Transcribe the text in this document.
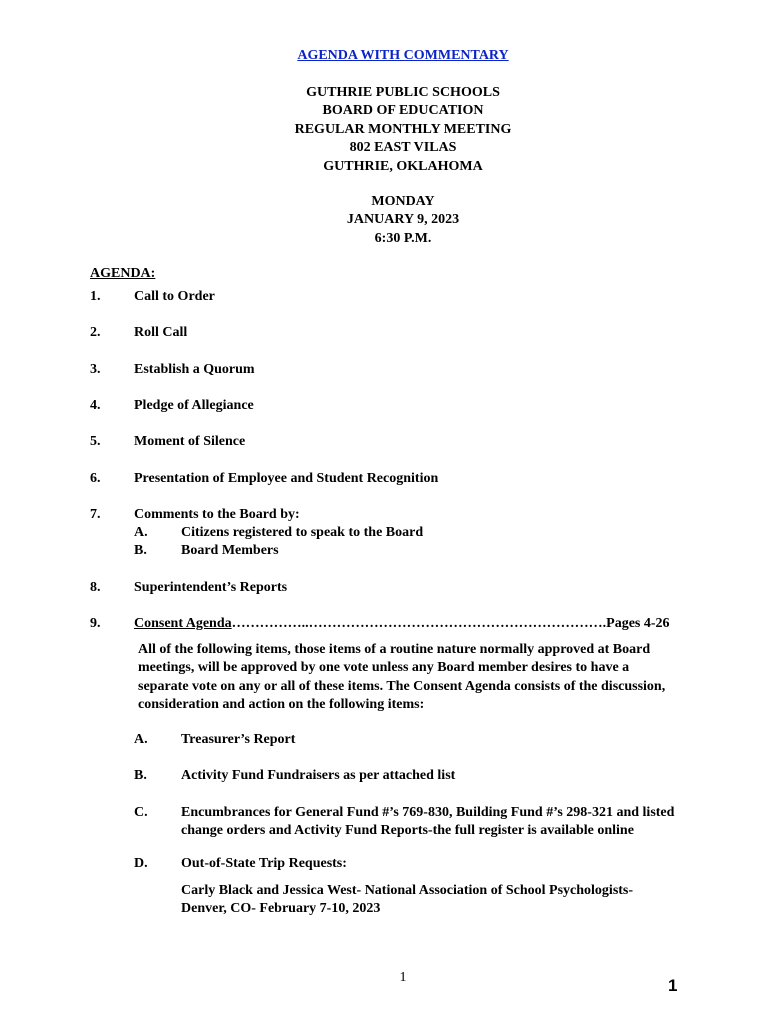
AGENDA WITH COMMENTARY
GUTHRIE PUBLIC SCHOOLS
BOARD OF EDUCATION
REGULAR MONTHLY MEETING
802 EAST VILAS
GUTHRIE, OKLAHOMA
MONDAY
JANUARY 9, 2023
6:30 P.M.
AGENDA:
1. Call to Order
2. Roll Call
3. Establish a Quorum
4. Pledge of Allegiance
5. Moment of Silence
6. Presentation of Employee and Student Recognition
7. Comments to the Board by:
A. Citizens registered to speak to the Board
B. Board Members
8. Superintendent’s Reports
9. Consent Agenda……………..……………………………………………………….Pages 4-26
All of the following items, those items of a routine nature normally approved at Board
meetings, will be approved by one vote unless any Board member desires to have a
separate vote on any or all of these items. The Consent Agenda consists of the discussion,
consideration and action on the following items:
A. Treasurer’s Report
B. Activity Fund Fundraisers as per attached list
C. Encumbrances for General Fund #’s 769-830, Building Fund #’s 298-321 and listed
change orders and Activity Fund Reports-the full register is available online
D. Out-of-State Trip Requests:
Carly Black and Jessica West- National Association of School Psychologists-
Denver, CO- February 7-10, 2023
1	1
